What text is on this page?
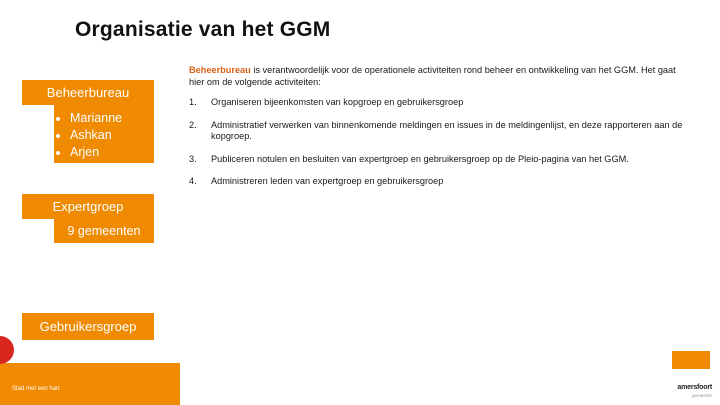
Organisatie van het GGM
Beheerbureau
• Marianne
• Ashkan
• Arjen
Expertgroep
9 gemeenten
Gebruikersgroep

Beheerbureau is verantwoordelijk voor de operationele activiteiten rond beheer en ontwikkeling van het GGM. Het gaat hier om de volgende activiteiten:

1.	Organiseren bijeenkomsten van kopgroep en gebruikersgroep
2.	Administratief verwerken van binnenkomende meldingen en issues in de meldingenlijst, en deze rapporteren aan de kopgroep.
3.	Publiceren notulen en besluiten van expertgroep en gebruikersgroep op de Pleio-pagina van het GGM.
4.	Administreren leden van expertgroep en gebruikersgroep
Stad met een hart	amersfoort
gemeente
